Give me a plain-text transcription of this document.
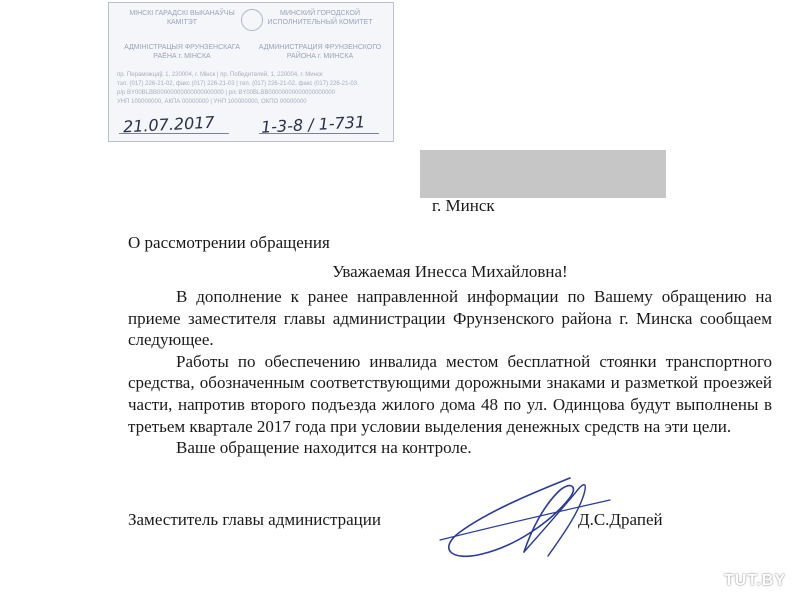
МІНСКІ ГАРАДСКІ ВЫКАНАЎЧЫ КАМІТЭТ
МИНСКИЙ ГОРОДСКОЙ ИСПОЛНИТЕЛЬНЫЙ КОМИТЕТ
АДМІНІСТРАЦЫЯ ФРУНЗЕНСКАГА РАЁНА г. МІНСКА
АДМИНИСТРАЦИЯ ФРУНЗЕНСКОГО РАЙОНА г. МИНСКА
пр. Пераможцаў, 1, 220004, г. Мінск | пр. Победителей, 1, 220004, г. Минск
тэл. (017) 226-21-02, факс (017) 226-21-03 | тел. (017) 226-21-02, факс (017) 226-21-03
р/р BY00BLBB00000000000000000000 | р/с BY00BLBB00000000000000000000
УНП 100000000, АКПА 00000000 | УНП 100000000, ОКПО 00000000
21.07.2017	1-3-8 / 1-731
г. Минск
О рассмотрении обращения
Уважаемая Инесса Михайловна!

В дополнение к ранее направленной информации по Вашему обращению на приеме заместителя главы администрации Фрунзенского района г. Минска сообщаем следующее.

Работы по обеспечению инвалида местом бесплатной стоянки транспортного средства, обозначенным соответствующими дорожными знаками и разметкой проезжей части, напротив второго подъезда жилого дома 48 по ул. Одинцова будут выполнены в третьем квартале 2017 года при условии выделения денежных средств на эти цели.

Ваше обращение находится на контроле.

Заместитель главы администрации	Д.С.Драпей
TUT.BY
